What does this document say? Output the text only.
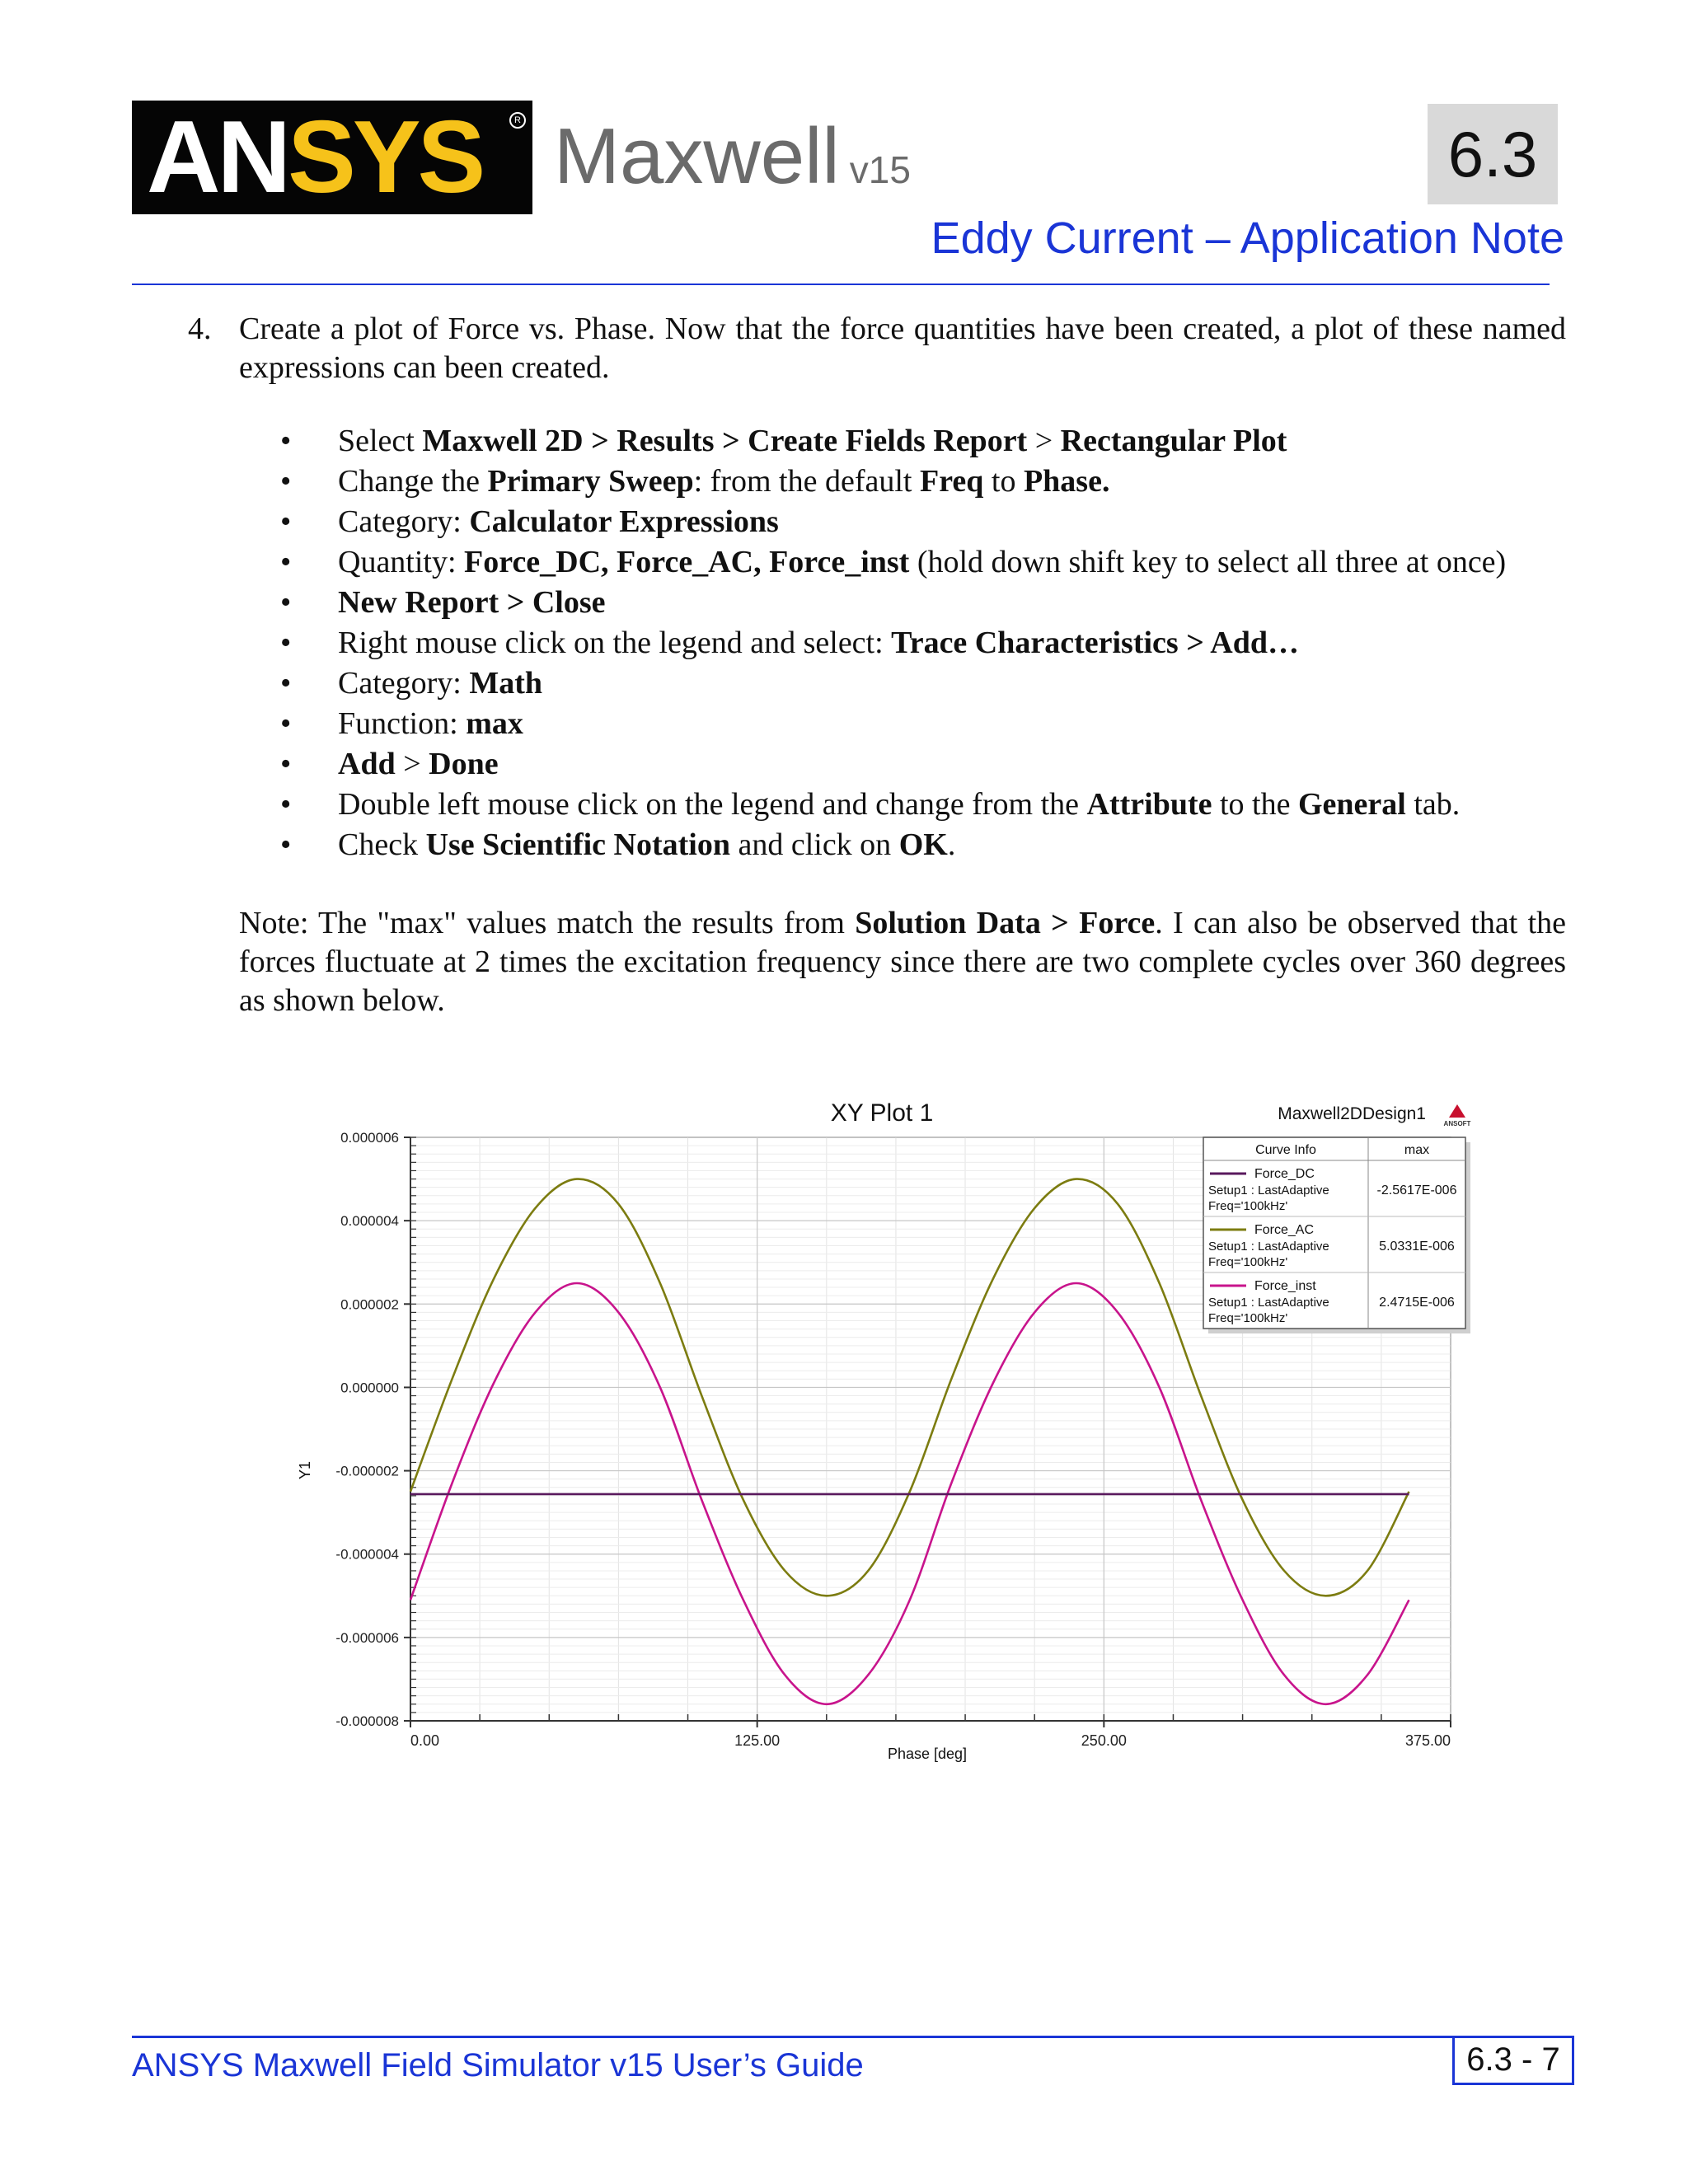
ANSYS	R Maxwell v15	6.3
Eddy Current – Application Note
4. Create a plot of Force vs. Phase. Now that the force quantities have been created, a plot of these named expressions can been created.
•
Select Maxwell 2D > Results > Create Fields Report > Rectangular Plot
•
Change the Primary Sweep: from the default Freq to Phase.
•
Category: Calculator Expressions
•
Quantity: Force_DC, Force_AC, Force_inst (hold down shift key to select all three at once)
•
New Report > Close
•
Right mouse click on the legend and select: Trace Characteristics > Add…
•
Category: Math
•
Function: max
•
Add > Done
•
Double left mouse click on the legend and change from the Attribute to the General tab.
•
Check Use Scientific Notation and click on OK.
Note: The "max" values match the results from Solution Data > Force. I can also be observed that the forces fluctuate at 2 times the excitation frequency since there are two complete cycles over 360 degrees as shown below.
0.000006
0.000004
0.000002
0.000000
-0.000002
-0.000004
-0.000006
-0.000008
0.00	125.00	250.00	375.00
XY Plot 1
Phase [deg]
Y1
Maxwell2DDesign1
ANSOFT
Curve Info	max
Force_DC
Setup1 : LastAdaptive
Freq='100kHz'
-2.5617E-006
Force_AC
Setup1 : LastAdaptive
Freq='100kHz'
5.0331E-006
Force_inst
Setup1 : LastAdaptive
Freq='100kHz'
2.4715E-006
ANSYS Maxwell Field Simulator v15 User’s Guide	6.3 - 7
